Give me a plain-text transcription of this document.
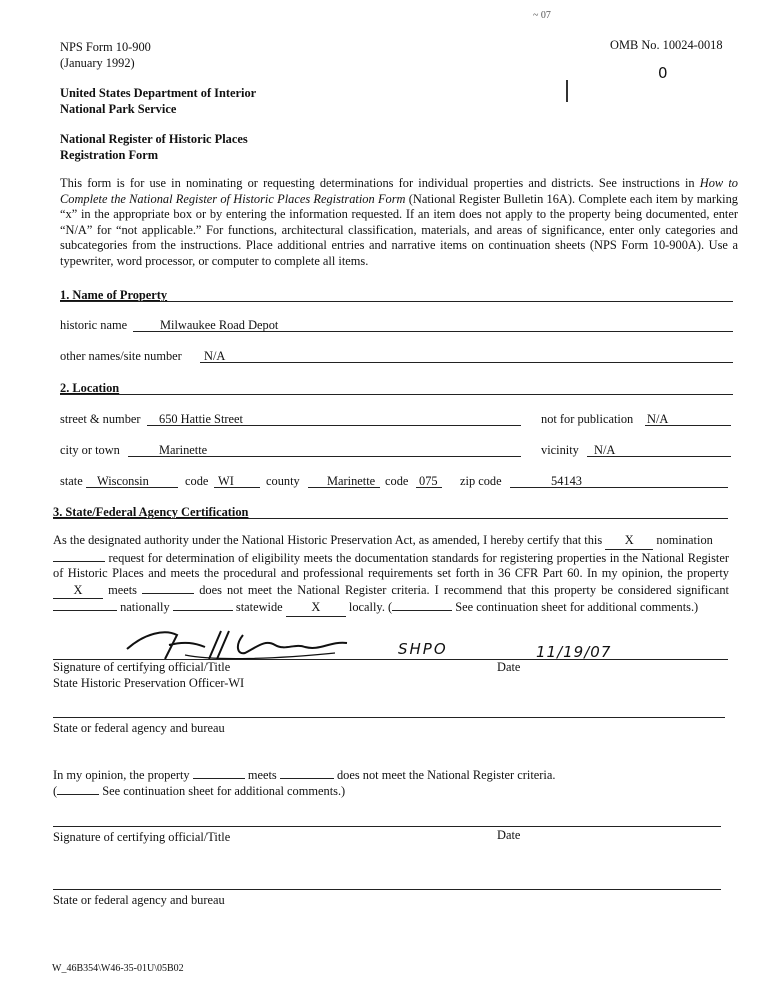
NPS Form 10-900
(January 1992)
OMB No. 10024-0018
0
~ 07
United States Department of Interior
National Park Service
National Register of Historic Places
Registration Form

This form is for use in nominating or requesting determinations for individual properties and districts. See instructions in How to Complete the National Register of Historic Places Registration Form (National Register Bulletin 16A). Complete each item by marking “x” in the appropriate box or by entering the information requested. If an item does not apply to the property being documented, enter “N/A” for “not applicable.” For functions, architectural classification, materials, and areas of significance, enter only categories and subcategories from the instructions. Place additional entries and narrative items on continuation sheets (NPS Form 10-900A). Use a typewriter, word processor, or computer to complete all items.

1. Name of Property
historic name	Milwaukee Road Depot
other names/site number N/A
2. Location
street & number 650 Hattie Street	not for publication N/A
city or town	Marinette	vicinity N/A
state Wisconsin	code WI	county Marinette code 075 zip code	54143
3. State/Federal Agency Certification

As the designated authority under the National Historic Preservation Act, as amended, I hereby certify that this X nomination
request for determination of eligibility meets the documentation standards for registering properties in the National Register of Historic Places and meets the procedural and professional requirements set forth in 36 CFR Part 60. In my opinion, the property X meets	does not meet the National Register criteria. I recommend that this property be considered significant  nationally	statewide X locally. (	See continuation sheet for additional comments.)

SHPO	11/19/07
Signature of certifying official/Title	Date
State Historic Preservation Officer-WI
State or federal agency and bureau
In my opinion, the property	meets	does not meet the National Register criteria.
(	See continuation sheet for additional comments.)
Signature of certifying official/Title	Date
State or federal agency and bureau
W_46B354\W46-35-01U\05B02
